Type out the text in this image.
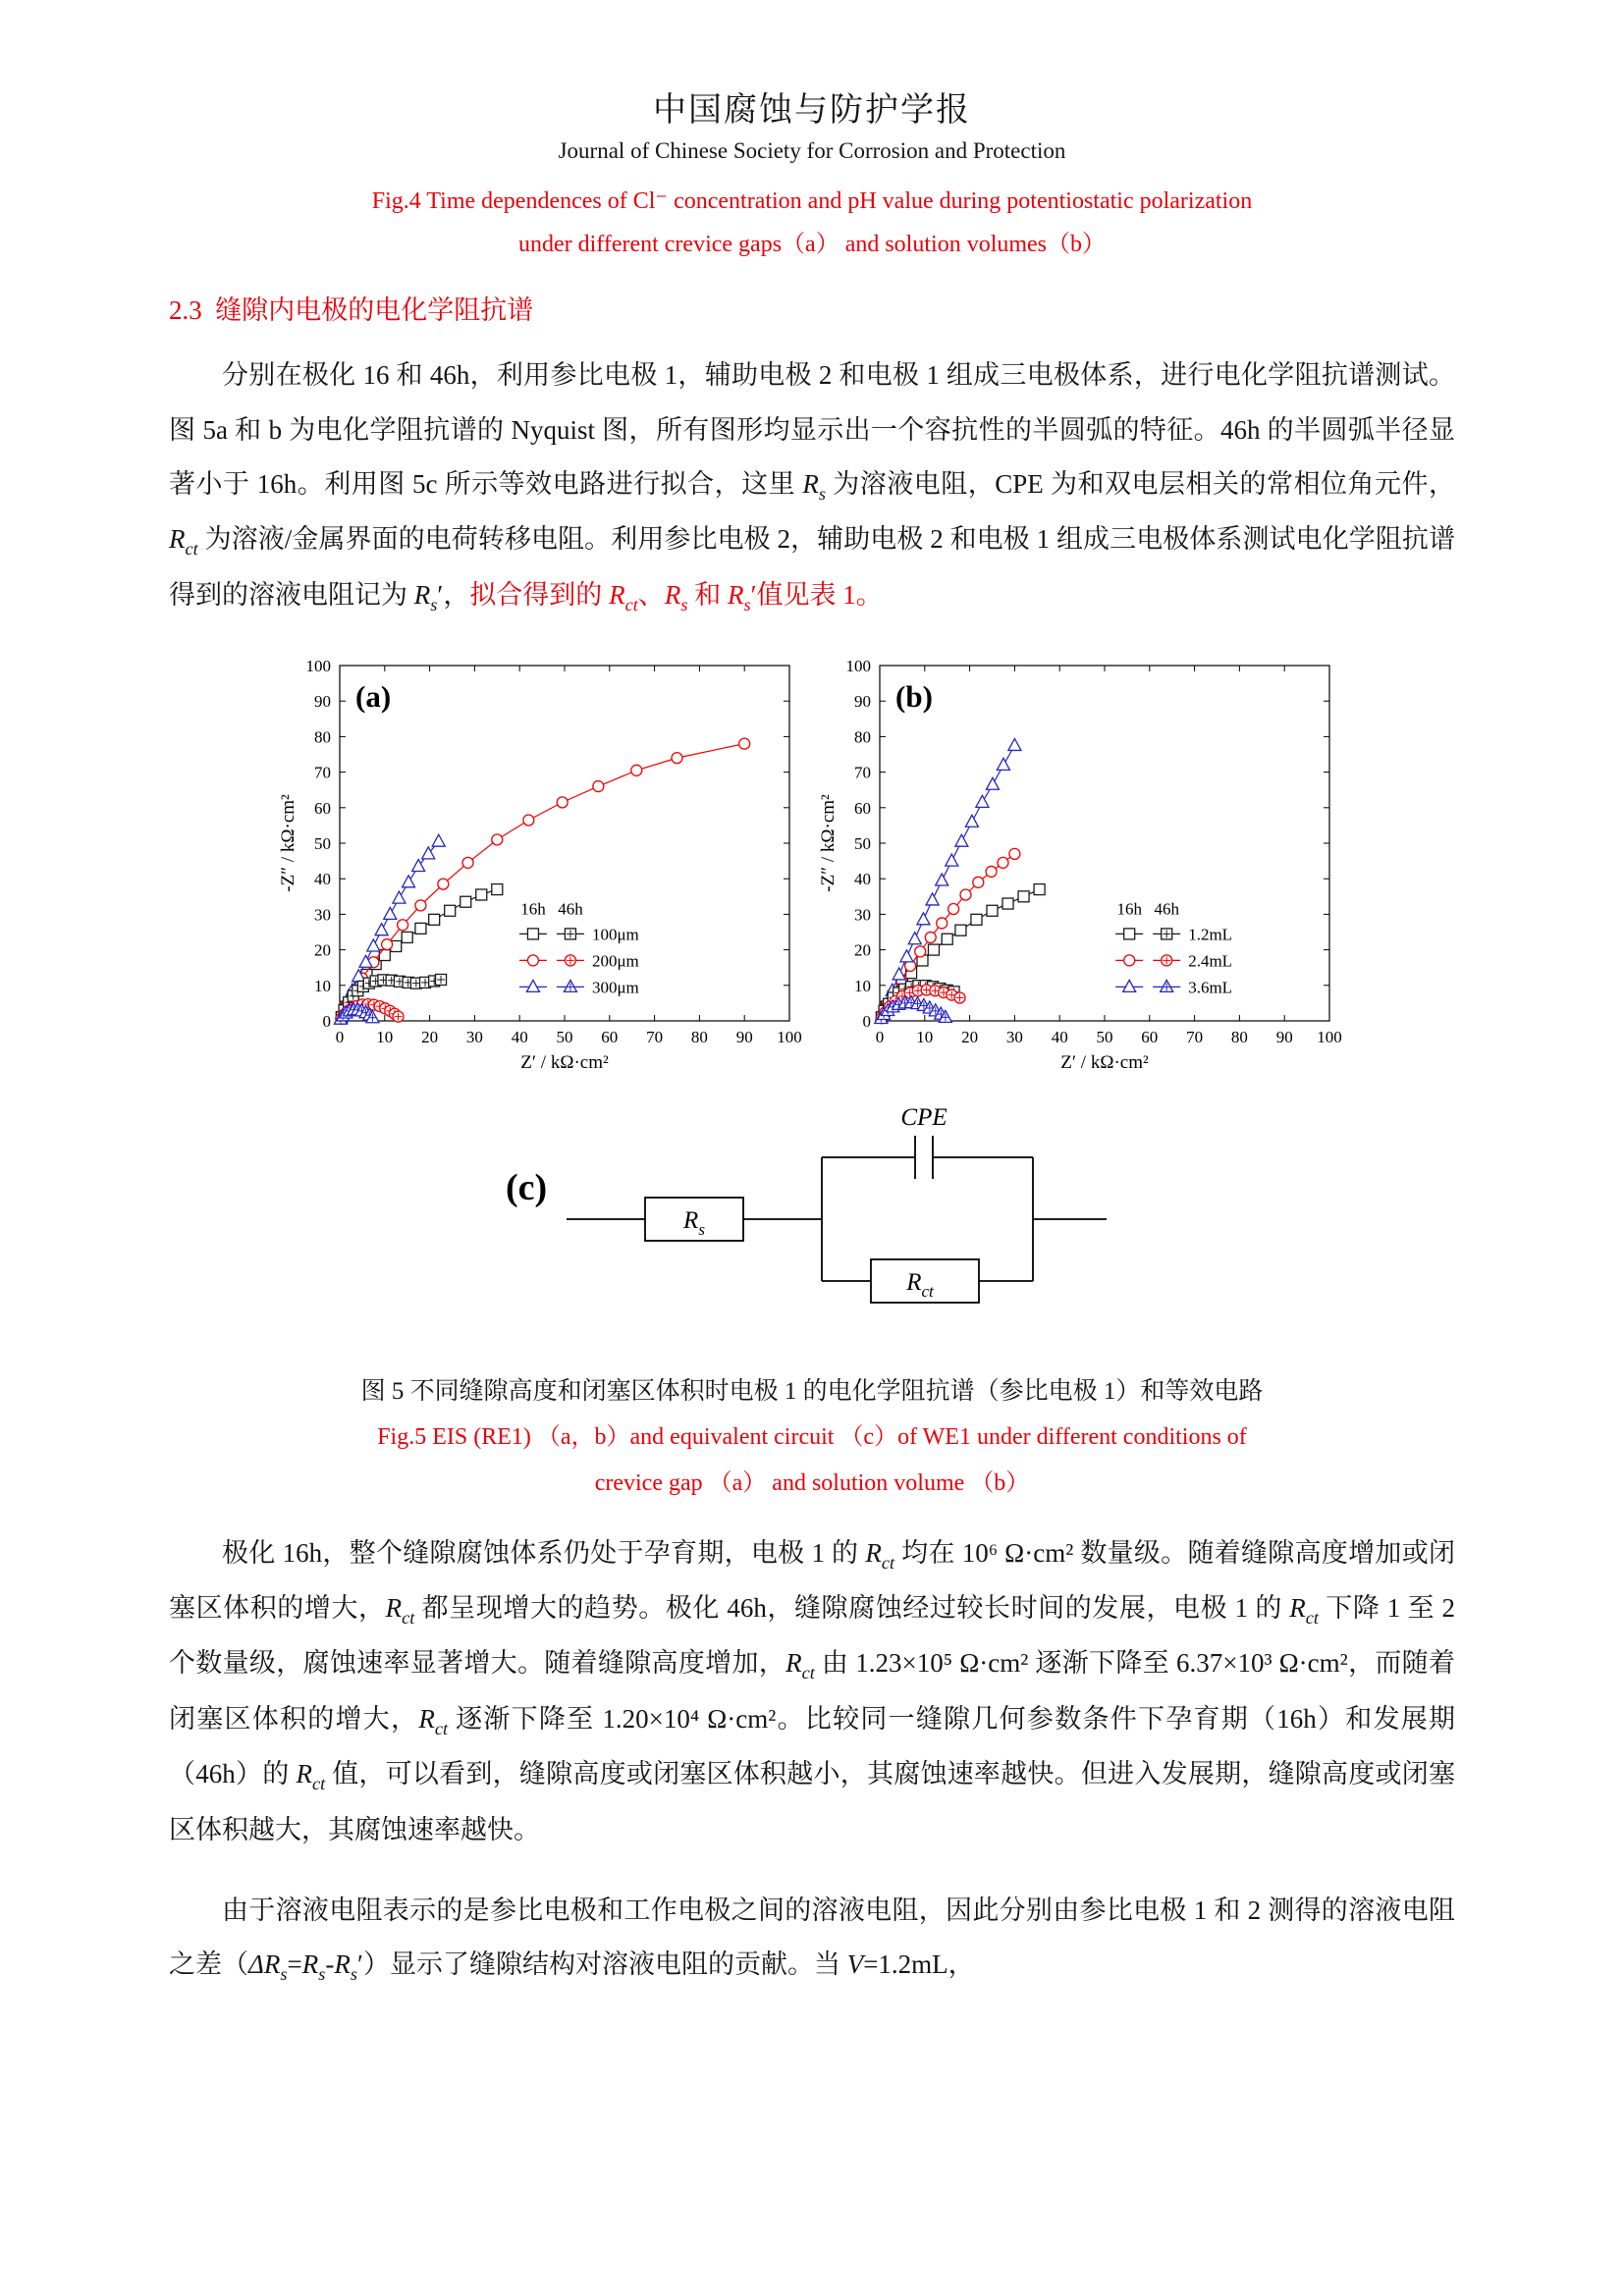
中国腐蚀与防护学报
Journal of Chinese Society for Corrosion and Protection
Fig.4 Time dependences of Cl⁻ concentration and pH value during potentiostatic polarization
under different crevice gaps（a） and solution volumes（b）
2.3 缝隙内电极的电化学阻抗谱

分别在极化 16 和 46h，利用参比电极 1，辅助电极 2 和电极 1 组成三电极体系，进行电化学阻抗谱测试。图 5a 和 b 为电化学阻抗谱的 Nyquist 图，所有图形均显示出一个容抗性的半圆弧的特征。46h 的半圆弧半径显著小于 16h。利用图 5c 所示等效电路进行拟合，这里 $R_s$ 为溶液电阻，CPE 为和双电层相关的常相位角元件，$R_{ct}$ 为溶液/金属界面的电荷转移电阻。利用参比电极 2，辅助电极 2 和电极 1 组成三电极体系测试电化学阻抗谱得到的溶液电阻记为 $R_s'$，拟合得到的 $R_{ct}$、$R_s$ 和 $R_s'$值见表 1。

0 10 20 30 40 50 60 70 80 90 100
0
10
20
30
40
50
60
70
80
90
100
Z′ / kΩ·cm²
-Z″ / kΩ·cm²
(a)
16h 46h
100μm
200μm
300μm
0 10 20 30 40 50 60 70 80 90 100
0
10
20
30
40
50
60
70
80
90
100
Z′ / kΩ·cm²
-Z″ / kΩ·cm²
(b)
16h 46h
1.2mL
2.4mL
3.6mL
(c)
$R_s$
CPE
$R_{ct}$
图 5 不同缝隙高度和闭塞区体积时电极 1 的电化学阻抗谱（参比电极 1）和等效电路
Fig.5 EIS (RE1) （a，b）and equivalent circuit （c）of WE1 under different conditions of
crevice gap （a） and solution volume （b）

极化 16h，整个缝隙腐蚀体系仍处于孕育期，电极 1 的 $R_{ct}$ 均在 10⁶ Ω·cm² 数量级。随着缝隙高度增加或闭塞区体积的增大，$R_{ct}$ 都呈现增大的趋势。极化 46h，缝隙腐蚀经过较长时间的发展，电极 1 的 $R_{ct}$ 下降 1 至 2 个数量级，腐蚀速率显著增大。随着缝隙高度增加，$R_{ct}$ 由 1.23×10⁵ Ω·cm² 逐渐下降至 6.37×10³ Ω·cm²，而随着闭塞区体积的增大，$R_{ct}$ 逐渐下降至 1.20×10⁴ Ω·cm²。比较同一缝隙几何参数条件下孕育期（16h）和发展期（46h）的 $R_{ct}$ 值，可以看到，缝隙高度或闭塞区体积越小，其腐蚀速率越快。但进入发展期，缝隙高度或闭塞区体积越大，其腐蚀速率越快。

由于溶液电阻表示的是参比电极和工作电极之间的溶液电阻，因此分别由参比电极 1 和 2 测得的溶液电阻之差$(\Delta R_s=R_s-R_s')$显示了缝隙结构对溶液电阻的贡献。当 V=1.2mL，
